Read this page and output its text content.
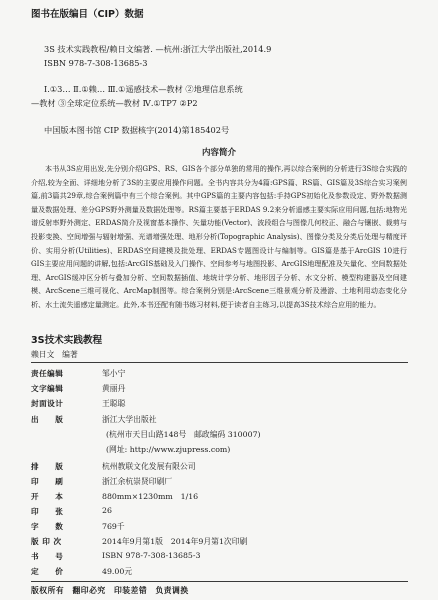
图书在版编目（CIP）数据
3S 技术实践教程/赖日文编著. —杭州:浙江大学出版社,2014.9
ISBN 978-7-308-13685-3
Ⅰ.①3… Ⅱ.①赖… Ⅲ.①遥感技术—教材 ②地理信息系统
—教材 ③全球定位系统—教材 Ⅳ.①TP7 ②P2
中国版本图书馆 CIP 数据核字(2014)第185402号
内容简介
本书从3S应用出发,先分别介绍GPS、RS、GIS各个部分单独的常用的操作,再以综合案例的分析进行3S综合实践的介绍,较为全面、详细地分析了3S的主要应用操作问题。全书内容共分为4篇:GPS篇、RS篇、GIS篇及3S综合实习案例篇,前3篇共29章,综合案例篇中有三个综合案例。其中GPS篇的主要内容包括:手持GPS初始化及参数设定、野外数据测量及数据处理、差分GPS野外测量及数据处理等。RS篇主要基于ERDAS 9.2来分析遥感主要实际应用问题,包括:地物光谱反射率野外测定、ERDAS简介及视窗基本操作、矢量功能(Vector)、波段组合与图像几何校正、融合与镶嵌、裁剪与投影变换、空间增强与辐射增强、光谱增强处理、地形分析(Topographic Analysis)、图像分类及分类后处理与精度评价、实用分析(Utilities)、ERDAS空间建模及批处理、ERDAS专题图设计与编制等。GIS篇是基于ArcGIS 10进行GIS主要应用问题的讲解,包括:ArcGIS基础及入门操作、空间参考与地图投影、ArcGIS地理配准及矢量化、空间数据处理、ArcGIS缓冲区分析与叠加分析、空间数据插值、地统计学分析、地形因子分析、水文分析、模型构建器及空间建模、ArcScene三维可视化、ArcMap制图等。综合案例分别是:ArcScene三维景观分析及漫游、土地利用动态变化分析、水土流失遥感定量测定。此外,本书还配有随书练习材料,便于读者自主练习,以提高3S技术综合应用的能力。
3S技术实践教程
赖日文　编著
责任编辑	邹小宁
文字编辑	黄丽丹
封面设计	王聪聪
出　　版	浙江大学出版社
(杭州市天目山路148号　邮政编码 310007)
(网址: http://www.zjupress.com)
排　　版	杭州教联文化发展有限公司
印　　刷	浙江余杭崇贤印刷厂
开　　本	880mm×1230mm　1/16
印　　张	26
字　　数	769千
版 印 次	2014年9月第1版　2014年9月第1次印刷
书　　号	ISBN 978-7-308-13685-3
定　　价	49.00元
版权所有　翻印必究　印装差错　负责调换
